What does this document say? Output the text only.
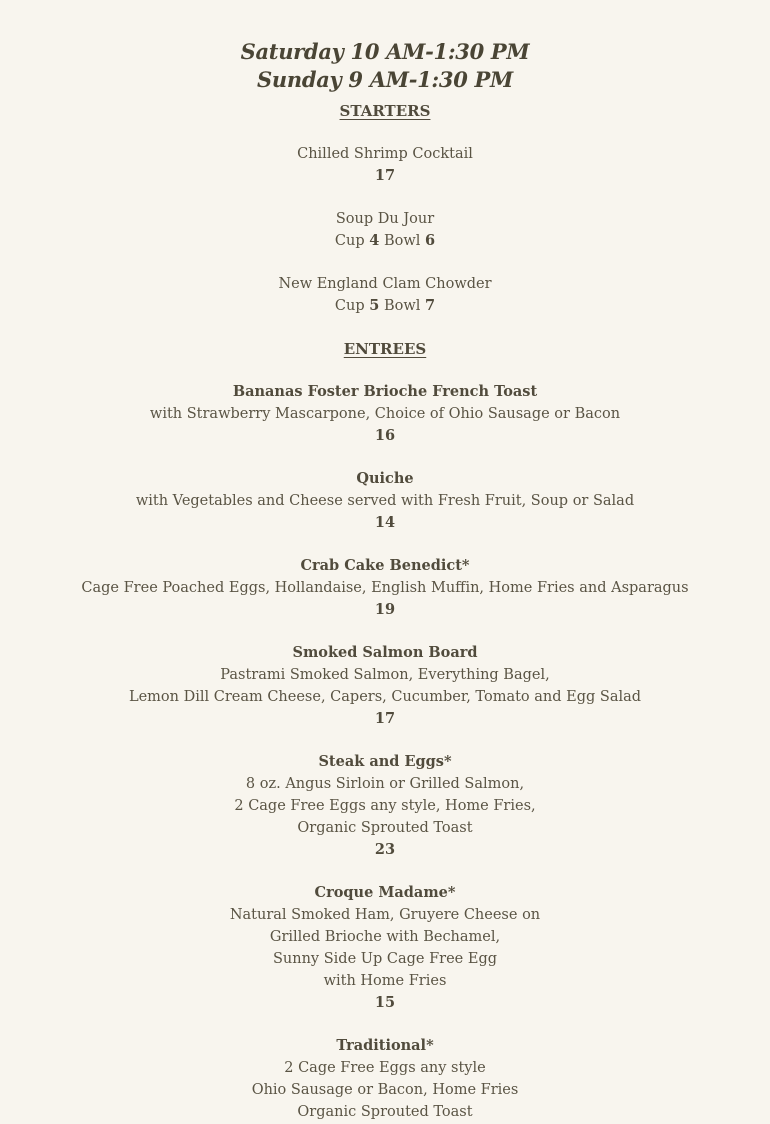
Saturday 10 AM-1:30 PM
Sunday 9 AM-1:30 PM
STARTERS
Chilled Shrimp Cocktail
17
Soup Du Jour
Cup 4 Bowl 6
New England Clam Chowder
Cup 5 Bowl 7
ENTREES
Bananas Foster Brioche French Toast
with Strawberry Mascarpone, Choice of Ohio Sausage or Bacon
16
Quiche
with Vegetables and Cheese served with Fresh Fruit, Soup or Salad
14
Crab Cake Benedict*
Cage Free Poached Eggs, Hollandaise, English Muffin, Home Fries and Asparagus
19
Smoked Salmon Board
Pastrami Smoked Salmon, Everything Bagel,
Lemon Dill Cream Cheese, Capers, Cucumber, Tomato and Egg Salad
17
Steak and Eggs*
8 oz. Angus Sirloin or Grilled Salmon,
2 Cage Free Eggs any style, Home Fries,
Organic Sprouted Toast
23
Croque Madame*
Natural Smoked Ham, Gruyere Cheese on
Grilled Brioche with Bechamel,
Sunny Side Up Cage Free Egg
with Home Fries
15
Traditional*
2 Cage Free Eggs any style
Ohio Sausage or Bacon, Home Fries
Organic Sprouted Toast
